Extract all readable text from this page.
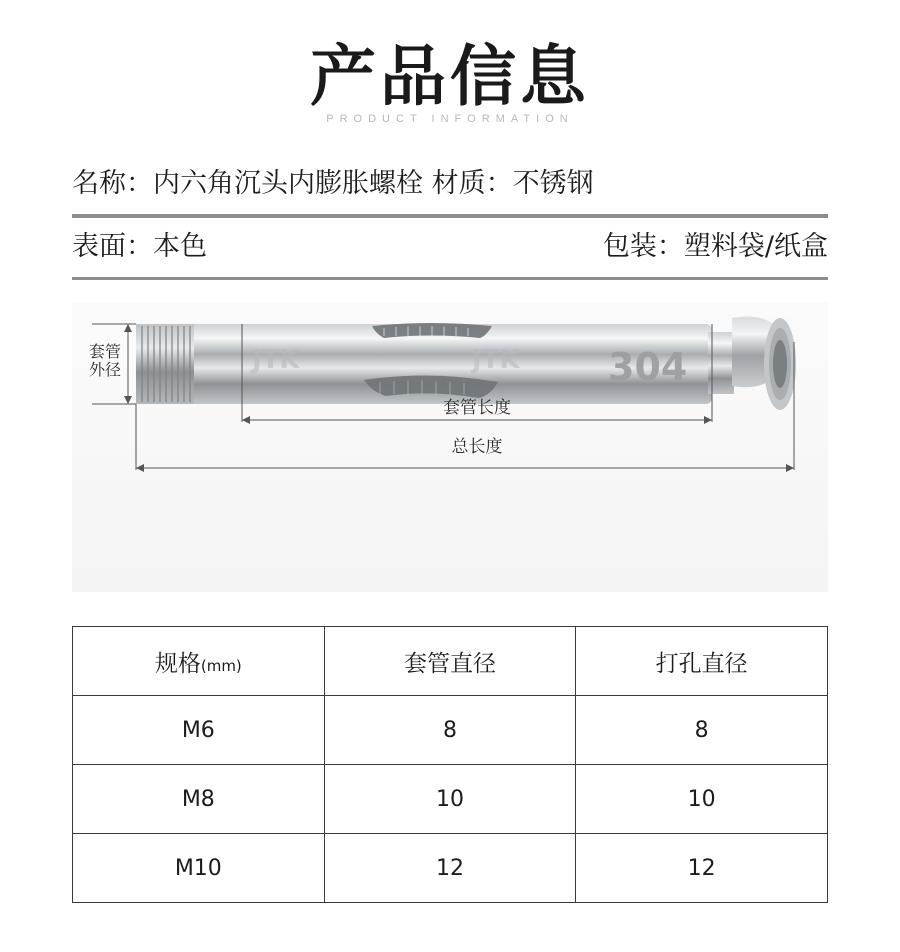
产品信息
PRODUCT INFORMATION
名称：内六角沉头内膨胀螺栓 材质：不锈钢
表面：本色	包装：塑料袋/纸盒
304
JTK	JTK
套管
外径
套管长度
总长度
规格(mm)	套管直径	打孔直径
M6	8	8
M8	10	10
M10	12	12
